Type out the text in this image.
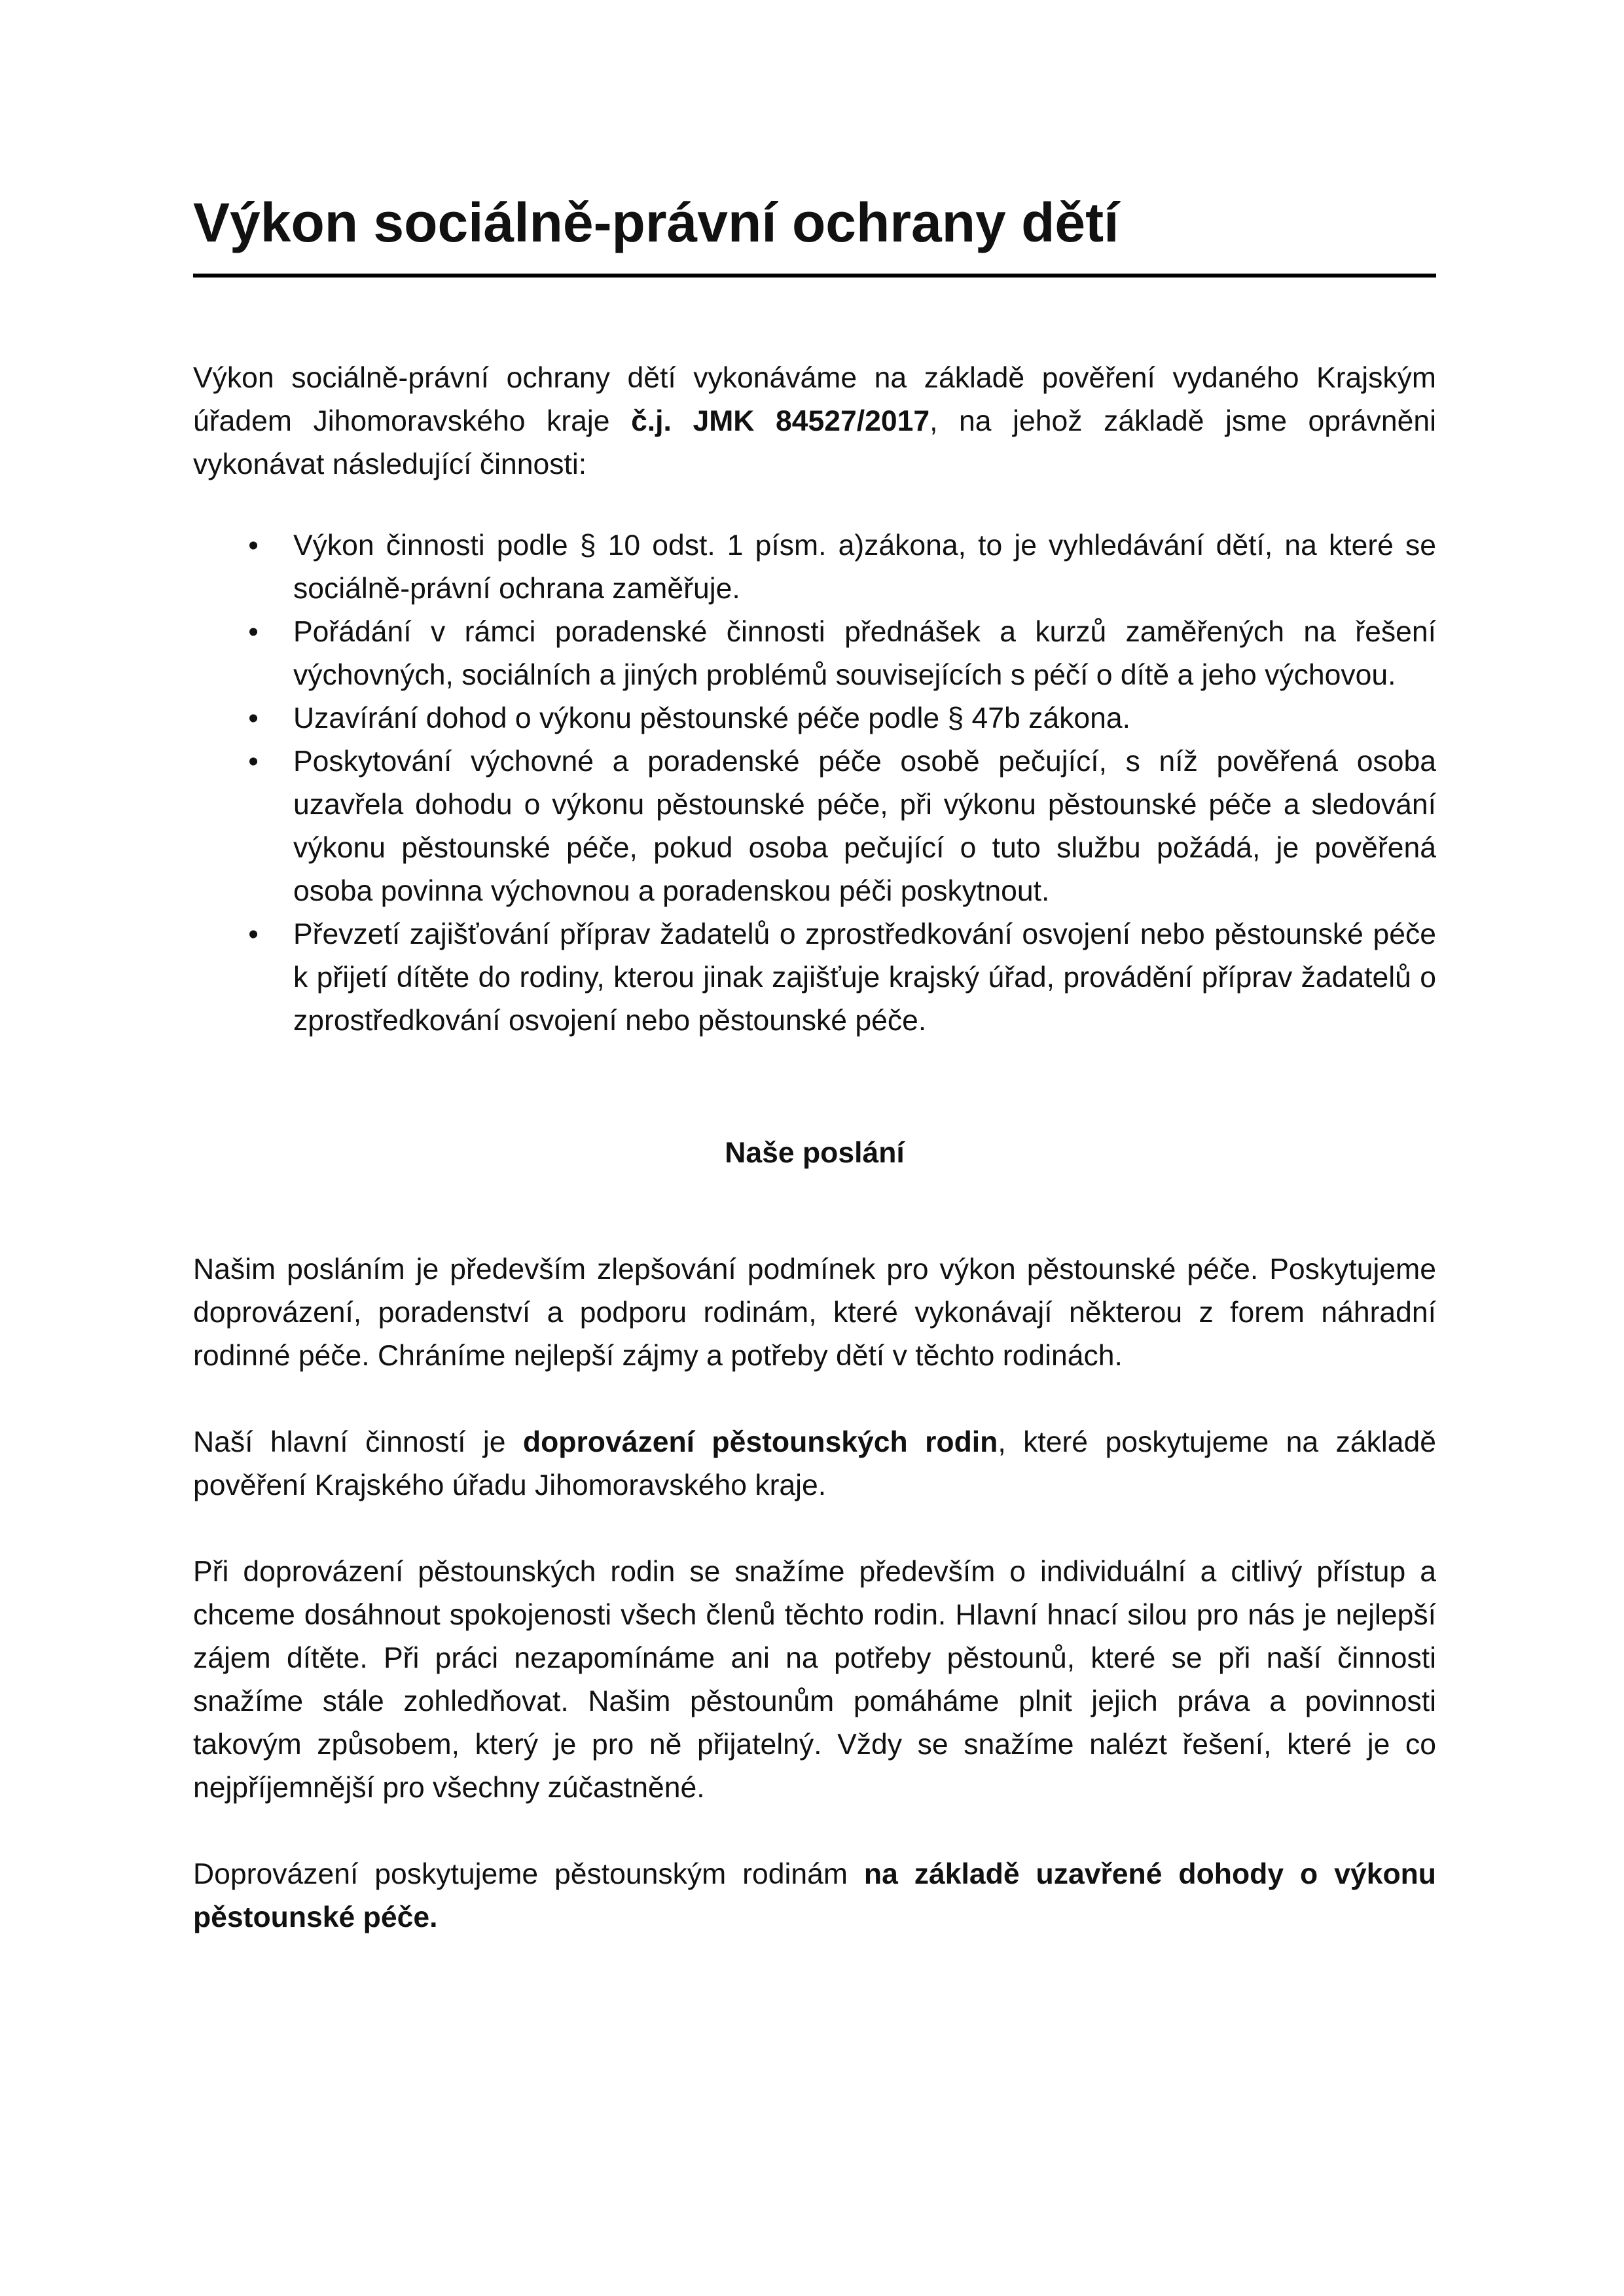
Výkon sociálně-právní ochrany dětí

Výkon sociálně-právní ochrany dětí vykonáváme na základě pověření vydaného Krajským úřadem Jihomoravského kraje č.j. JMK 84527/2017, na jehož základě jsme oprávněni vykonávat následující činnosti:

• Výkon činnosti podle § 10 odst. 1 písm. a)zákona, to je vyhledávání dětí, na které se sociálně-právní ochrana zaměřuje.
• Pořádání v rámci poradenské činnosti přednášek a kurzů zaměřených na řešení výchovných, sociálních a jiných problémů souvisejících s péčí o dítě a jeho výchovou.
• Uzavírání dohod o výkonu pěstounské péče podle § 47b zákona.
• Poskytování výchovné a poradenské péče osobě pečující, s níž pověřená osoba uzavřela dohodu o výkonu pěstounské péče, při výkonu pěstounské péče a sledování výkonu pěstounské péče, pokud osoba pečující o tuto službu požádá, je pověřená osoba povinna výchovnou a poradenskou péči poskytnout.
• Převzetí zajišťování příprav žadatelů o zprostředkování osvojení nebo pěstounské péče k přijetí dítěte do rodiny, kterou jinak zajišťuje krajský úřad, provádění příprav žadatelů o zprostředkování osvojení nebo pěstounské péče.

Naše poslání

Našim posláním je především zlepšování podmínek pro výkon pěstounské péče. Poskytujeme doprovázení, poradenství a podporu rodinám, které vykonávají některou z forem náhradní rodinné péče. Chráníme nejlepší zájmy a potřeby dětí v těchto rodinách.

Naší hlavní činností je doprovázení pěstounských rodin, které poskytujeme na základě pověření Krajského úřadu Jihomoravského kraje.

Při doprovázení pěstounských rodin se snažíme především o individuální a citlivý přístup a chceme dosáhnout spokojenosti všech členů těchto rodin. Hlavní hnací silou pro nás je nejlepší zájem dítěte. Při práci nezapomínáme ani na potřeby pěstounů, které se při naší činnosti snažíme stále zohledňovat. Našim pěstounům pomáháme plnit jejich práva a povinnosti takovým způsobem, který je pro ně přijatelný. Vždy se snažíme nalézt řešení, které je co nejpříjemnější pro všechny zúčastněné.

Doprovázení poskytujeme pěstounským rodinám na základě uzavřené dohody o výkonu pěstounské péče.
